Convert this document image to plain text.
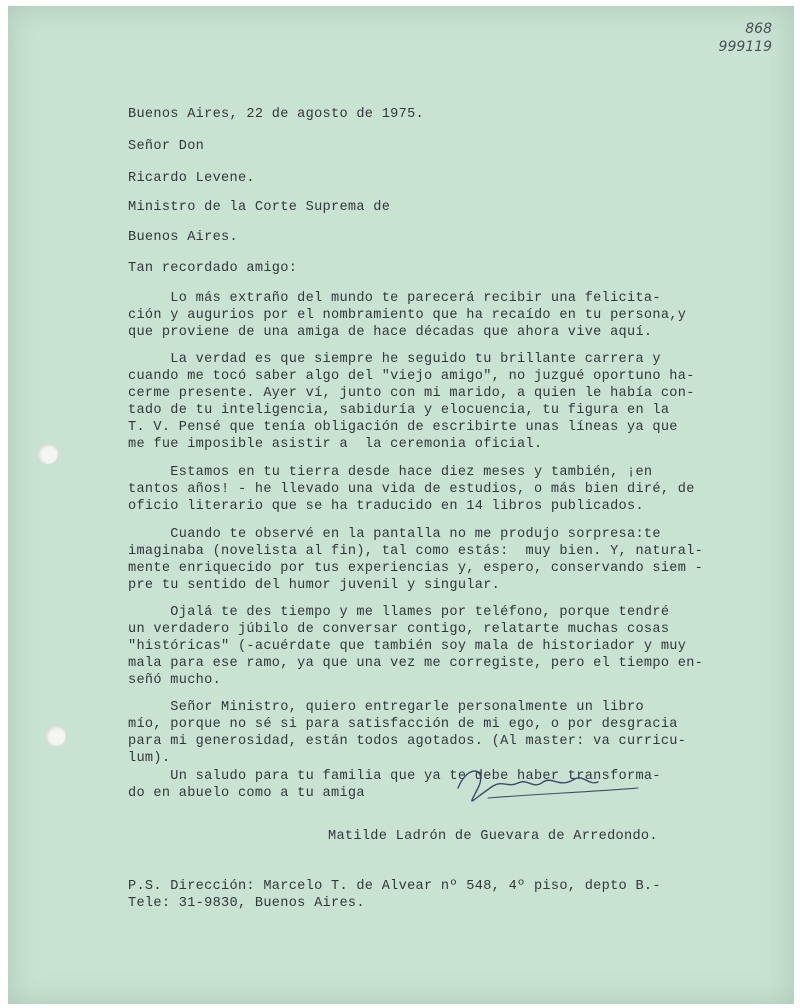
868
999119
Buenos Aires, 22 de agosto de 1975.
Señor Don
Ricardo Levene.
Ministro de la Corte Suprema de
Buenos Aires.
Tan recordado amigo:
Lo más extraño del mundo te parecerá recibir una felicita-
ción y augurios por el nombramiento que ha recaído en tu persona,y
que proviene de una amiga de hace décadas que ahora vive aquí.
La verdad es que siempre he seguido tu brillante carrera y
cuando me tocó saber algo del "viejo amigo", no juzgué oportuno ha-
cerme presente. Ayer ví, junto con mi marido, a quien le había con-
tado de tu inteligencia, sabiduría y elocuencia, tu figura en la
T. V. Pensé que tenía obligación de escribirte unas líneas ya que
me fue imposible asistir a  la ceremonia oficial.
Estamos en tu tierra desde hace diez meses y también, ¡en
tantos años! - he llevado una vida de estudios, o más bien diré, de
oficio literario que se ha traducido en 14 libros publicados.
Cuando te observé en la pantalla no me produjo sorpresa:te
imaginaba (novelista al fin), tal como estás:  muy bien. Y, natural-
mente enriquecido por tus experiencias y, espero, conservando siem -
pre tu sentido del humor juvenil y singular.
Ojalá te des tiempo y me llames por teléfono, porque tendré
un verdadero júbilo de conversar contigo, relatarte muchas cosas
"históricas" (-acuérdate que también soy mala de historiador y muy
mala para ese ramo, ya que una vez me corregiste, pero el tiempo en-
señó mucho.
Señor Ministro, quiero entregarle personalmente un libro
mío, porque no sé si para satisfacción de mi ego, o por desgracia
para mi generosidad, están todos agotados. (Al master: va curricu-
lum).
Un saludo para tu familia que ya te debe haber transforma-
do en abuelo como a tu amiga
Matilde Ladrón de Guevara de Arredondo.
P.S. Dirección: Marcelo T. de Alvear nº 548, 4º piso, depto B.-
Tele: 31-9830, Buenos Aires.
